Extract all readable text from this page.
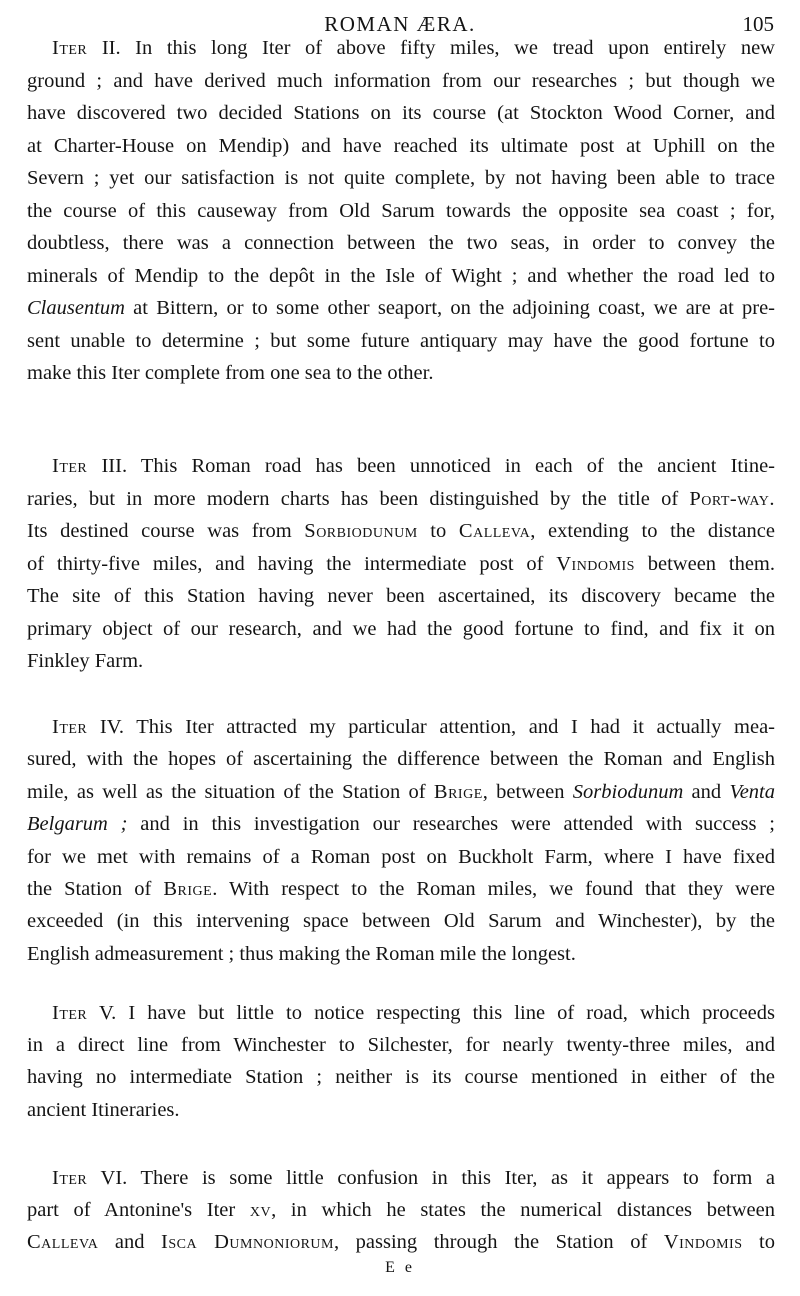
ROMAN ÆRA.	105
Iter II. In this long Iter of above fifty miles, we tread upon entirely new
ground ; and have derived much information from our researches ; but though we
have discovered two decided Stations on its course (at Stockton Wood Corner, and
at Charter-House on Mendip) and have reached its ultimate post at Uphill on the
Severn ; yet our satisfaction is not quite complete, by not having been able to trace
the course of this causeway from Old Sarum towards the opposite sea coast ; for,
doubtless, there was a connection between the two seas, in order to convey the
minerals of Mendip to the depôt in the Isle of Wight ; and whether the road led to
Clausentum at Bittern, or to some other seaport, on the adjoining coast, we are at pre-
sent unable to determine ; but some future antiquary may have the good fortune to
make this Iter complete from one sea to the other.
Iter III. This Roman road has been unnoticed in each of the ancient Itine-
raries, but in more modern charts has been distinguished by the title of Port-way.
Its destined course was from Sorbiodunum to Calleva, extending to the distance
of thirty-five miles, and having the intermediate post of Vindomis between them.
The site of this Station having never been ascertained, its discovery became the
primary object of our research, and we had the good fortune to find, and fix it on
Finkley Farm.
Iter IV. This Iter attracted my particular attention, and I had it actually mea-
sured, with the hopes of ascertaining the difference between the Roman and English
mile, as well as the situation of the Station of Brige, between Sorbiodunum and Venta
Belgarum ; and in this investigation our researches were attended with success ;
for we met with remains of a Roman post on Buckholt Farm, where I have fixed
the Station of Brige. With respect to the Roman miles, we found that they were
exceeded (in this intervening space between Old Sarum and Winchester), by the
English admeasurement ; thus making the Roman mile the longest.
Iter V. I have but little to notice respecting this line of road, which proceeds
in a direct line from Winchester to Silchester, for nearly twenty-three miles, and
having no intermediate Station ; neither is its course mentioned in either of the
ancient Itineraries.
Iter VI. There is some little confusion in this Iter, as it appears to form a
part of Antonine's Iter xv, in which he states the numerical distances between
Calleva and Isca Dumnoniorum, passing through the Station of Vindomis to
E e
